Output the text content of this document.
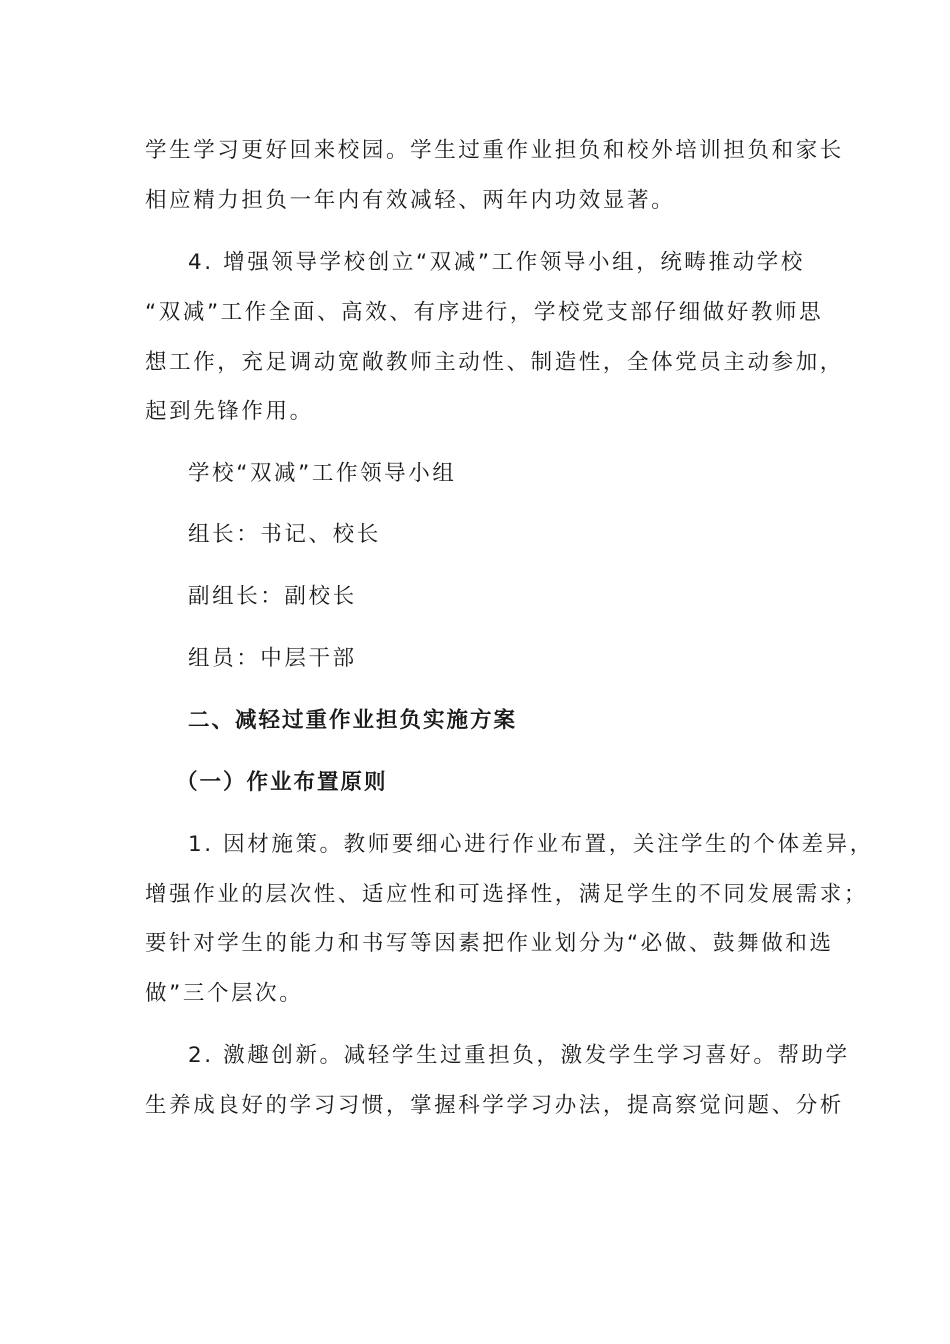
学生学习更好回来校园。学生过重作业担负和校外培训担负和家长
相应精力担负一年内有效减轻、两年内功效显著。
4. 增强领导学校创立“双减”工作领导小组，统畴推动学校
“双减”工作全面、高效、有序进行，学校党支部仔细做好教师思
想工作，充足调动宽敞教师主动性、制造性，全体党员主动参加，
起到先锋作用。
学校“双减”工作领导小组
组长：书记、校长
副组长：副校长
组员：中层干部
二、减轻过重作业担负实施方案
（一）作业布置原则
1. 因材施策。教师要细心进行作业布置，关注学生的个体差异，
增强作业的层次性、适应性和可选择性，满足学生的不同发展需求；
要针对学生的能力和书写等因素把作业划分为“必做、鼓舞做和选
做”三个层次。
2. 激趣创新。减轻学生过重担负，激发学生学习喜好。帮助学
生养成良好的学习习惯，掌握科学学习办法，提高察觉问题、分析
